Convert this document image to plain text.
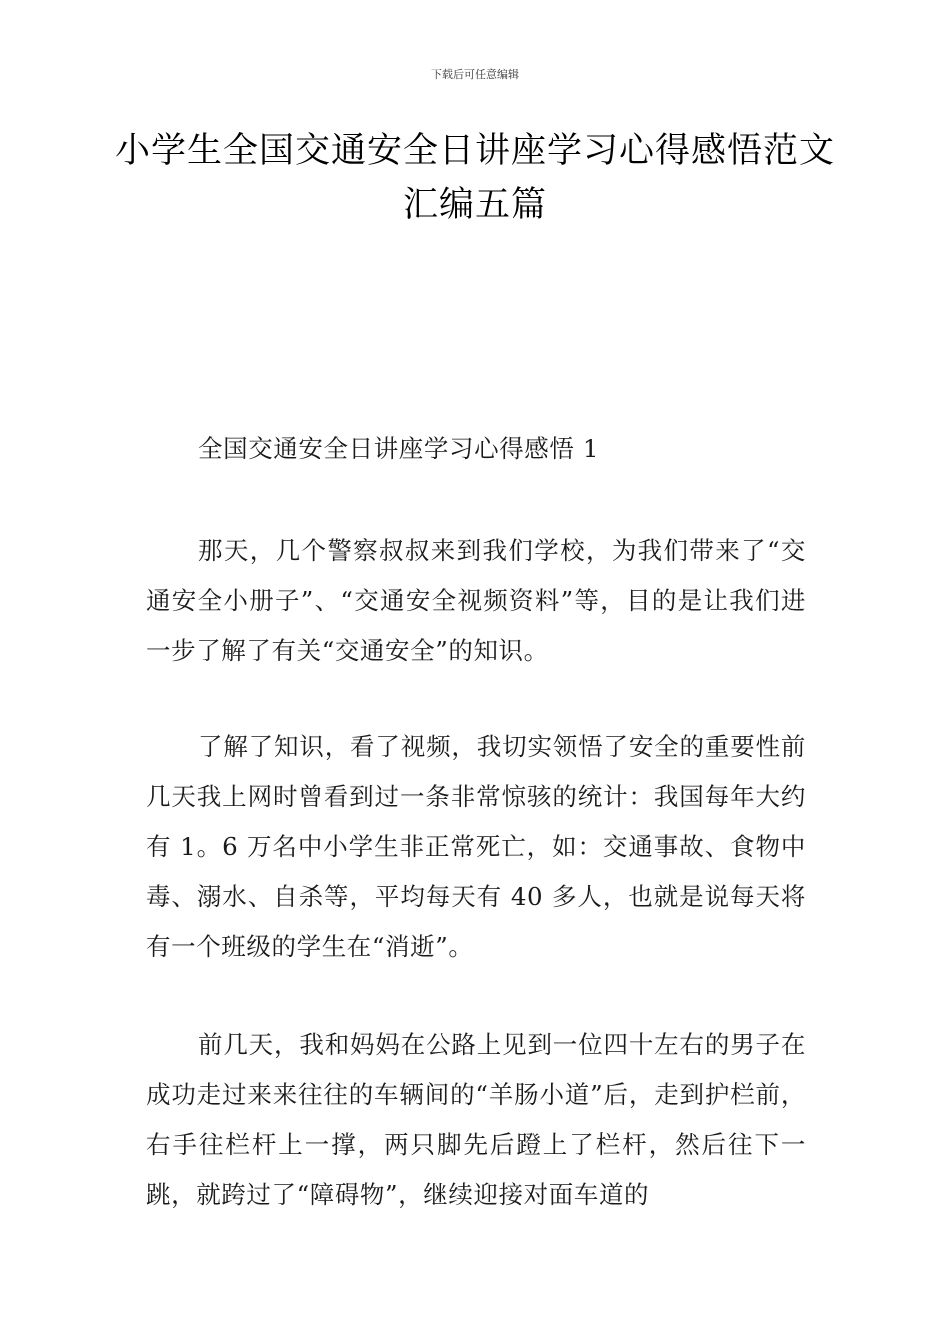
下载后可任意编辑
小学生全国交通安全日讲座学习心得感悟范文汇编五篇
全国交通安全日讲座学习心得感悟 1

那天，几个警察叔叔来到我们学校，为我们带来了“交通安全小册子”、“交通安全视频资料”等，目的是让我们进一步了解了有关“交通安全”的知识。

了解了知识，看了视频，我切实领悟了安全的重要性前几天我上网时曾看到过一条非常惊骇的统计：我国每年大约有 1。6 万名中小学生非正常死亡，如：交通事故、食物中毒、溺水、自杀等，平均每天有 40 多人，也就是说每天将有一个班级的学生在“消逝”。

前几天，我和妈妈在公路上见到一位四十左右的男子在成功走过来来往往的车辆间的“羊肠小道”后，走到护栏前，右手往栏杆上一撑，两只脚先后蹬上了栏杆，然后往下一跳，就跨过了“障碍物”，继续迎接对面车道的
